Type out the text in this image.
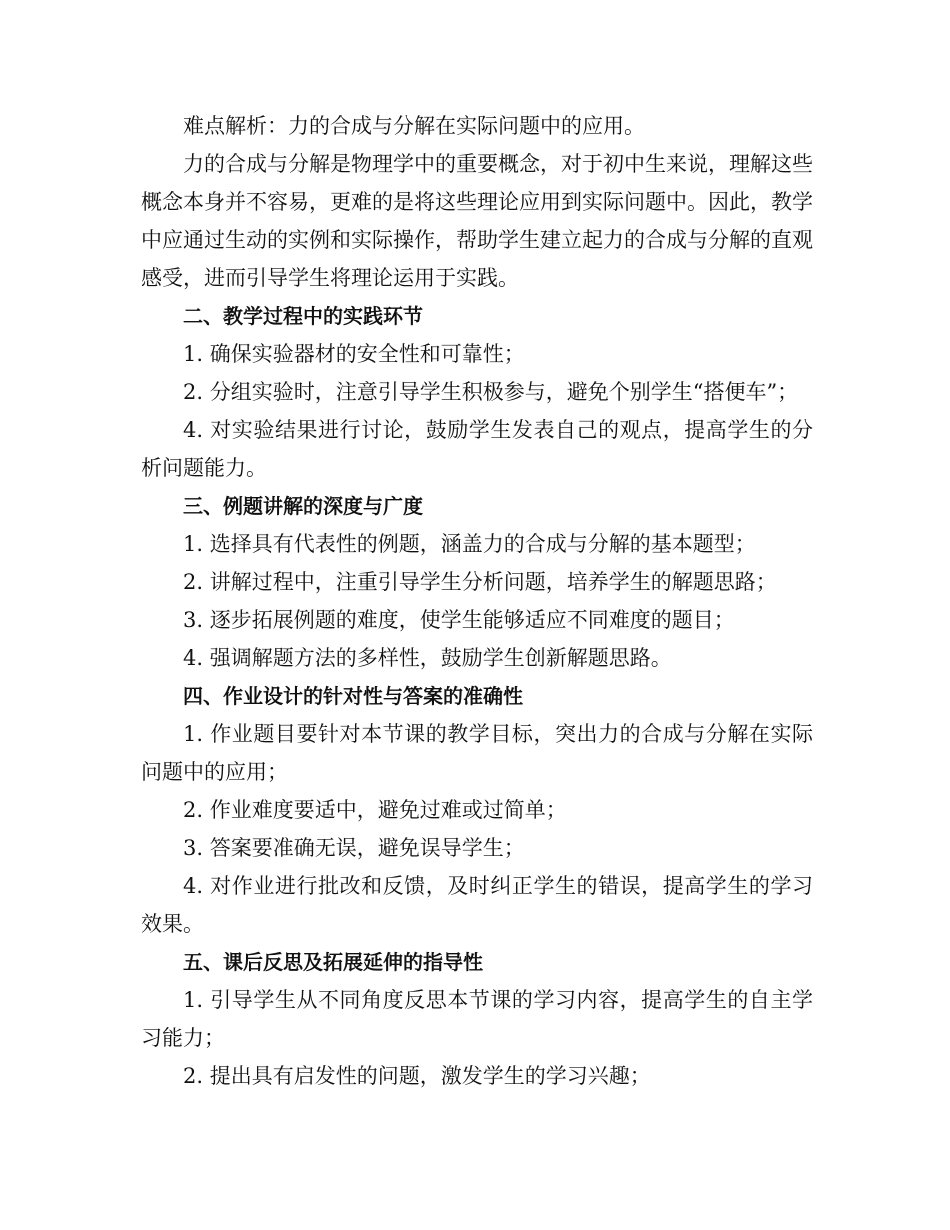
难点解析：力的合成与分解在实际问题中的应用。

力的合成与分解是物理学中的重要概念，对于初中生来说，理解这些概念本身并不容易，更难的是将这些理论应用到实际问题中。因此，教学中应通过生动的实例和实际操作，帮助学生建立起力的合成与分解的直观感受，进而引导学生将理论运用于实践。

二、教学过程中的实践环节

1. 确保实验器材的安全性和可靠性；

2. 分组实验时，注意引导学生积极参与，避免个别学生“搭便车”；

4. 对实验结果进行讨论，鼓励学生发表自己的观点，提高学生的分析问题能力。

三、例题讲解的深度与广度

1. 选择具有代表性的例题，涵盖力的合成与分解的基本题型；

2. 讲解过程中，注重引导学生分析问题，培养学生的解题思路；

3. 逐步拓展例题的难度，使学生能够适应不同难度的题目；

4. 强调解题方法的多样性，鼓励学生创新解题思路。

四、作业设计的针对性与答案的准确性

1. 作业题目要针对本节课的教学目标，突出力的合成与分解在实际问题中的应用；

2. 作业难度要适中，避免过难或过简单；

3. 答案要准确无误，避免误导学生；

4. 对作业进行批改和反馈，及时纠正学生的错误，提高学生的学习效果。

五、课后反思及拓展延伸的指导性

1. 引导学生从不同角度反思本节课的学习内容，提高学生的自主学习能力；

2. 提出具有启发性的问题，激发学生的学习兴趣；
